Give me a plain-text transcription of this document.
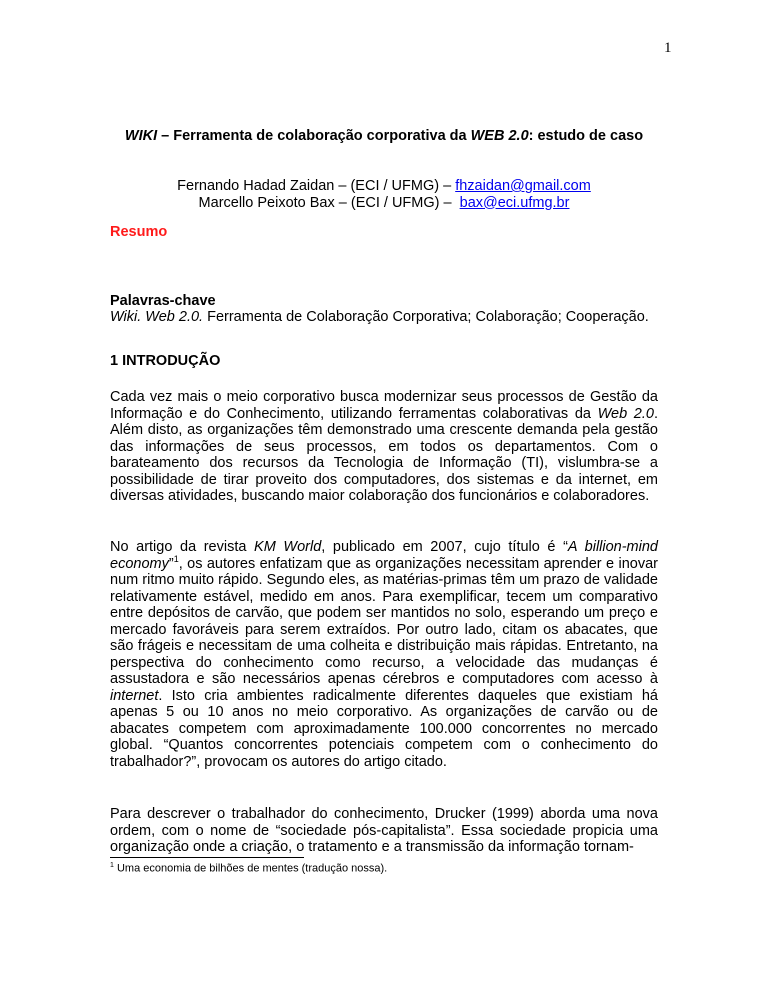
1
WIKI – Ferramenta de colaboração corporativa da WEB 2.0: estudo de caso
Fernando Hadad Zaidan – (ECI / UFMG) – fhzaidan@gmail.com
Marcello Peixoto Bax – (ECI / UFMG) –  bax@eci.ufmg.br
Resumo
Palavras-chave
Wiki. Web 2.0. Ferramenta de Colaboração Corporativa; Colaboração; Cooperação.
1 INTRODUÇÃO
Cada vez mais o meio corporativo busca modernizar seus processos de Gestão da Informação e do Conhecimento, utilizando ferramentas colaborativas da Web 2.0. Além disto, as organizações têm demonstrado uma crescente demanda pela gestão das informações de seus processos, em todos os departamentos. Com o barateamento dos recursos da Tecnologia de Informação (TI), vislumbra-se a possibilidade de tirar proveito dos computadores, dos sistemas e da internet, em diversas atividades, buscando maior colaboração dos funcionários e colaboradores.
No artigo da revista KM World, publicado em 2007, cujo título é “A billion-mind economy”$^1$, os autores enfatizam que as organizações necessitam aprender e inovar num ritmo muito rápido. Segundo eles, as matérias-primas têm um prazo de validade relativamente estável, medido em anos. Para exemplificar, tecem um comparativo entre depósitos de carvão, que podem ser mantidos no solo, esperando um preço e mercado favoráveis para serem extraídos. Por outro lado, citam os abacates, que são frágeis e necessitam de uma colheita e distribuição mais rápidas. Entretanto, na perspectiva do conhecimento como recurso, a velocidade das mudanças é assustadora e são necessários apenas cérebros e computadores com acesso à internet. Isto cria ambientes radicalmente diferentes daqueles que existiam há apenas 5 ou 10 anos no meio corporativo. As organizações de carvão ou de abacates competem com aproximadamente 100.000 concorrentes no mercado global. “Quantos concorrentes potenciais competem com o conhecimento do trabalhador?”, provocam os autores do artigo citado.
Para descrever o trabalhador do conhecimento, Drucker (1999) aborda uma nova ordem, com o nome de “sociedade pós-capitalista”. Essa sociedade propicia uma organização onde a criação, o tratamento e a transmissão da informação tornam-
$^1$ Uma economia de bilhões de mentes (tradução nossa).
